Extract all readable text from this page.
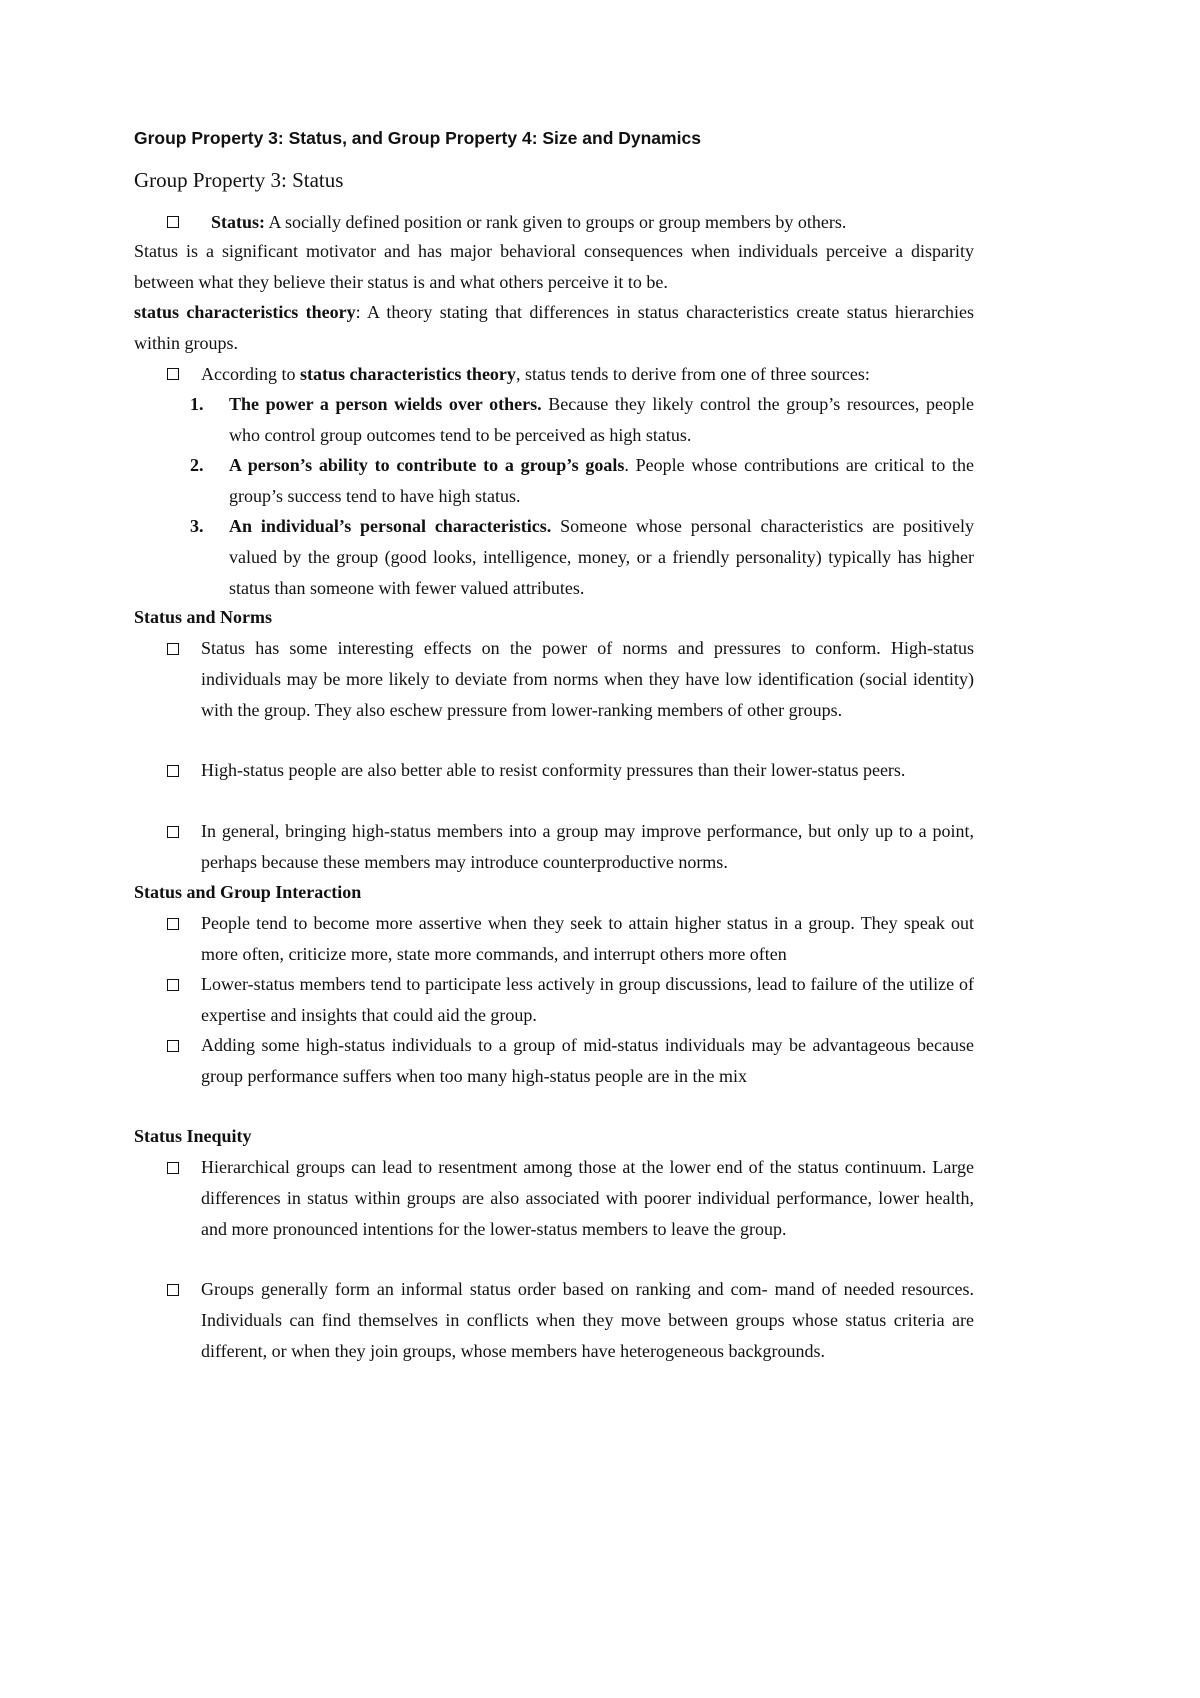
Group Property 3: Status, and Group Property 4: Size and Dynamics
Group Property 3: Status
Status: A socially defined position or rank given to groups or group members by others.
Status is a significant motivator and has major behavioral consequences when individuals perceive a disparity between what they believe their status is and what others perceive it to be.
status characteristics theory: A theory stating that differences in status characteristics create status hierarchies within groups.
According to status characteristics theory, status tends to derive from one of three sources:
1. The power a person wields over others. Because they likely control the group’s resources, people who control group outcomes tend to be perceived as high status.
2. A person’s ability to contribute to a group’s goals. People whose contributions are critical to the group’s success tend to have high status.
3. An individual’s personal characteristics. Someone whose personal characteristics are positively valued by the group (good looks, intelligence, money, or a friendly personality) typically has higher status than someone with fewer valued attributes.
Status and Norms
Status has some interesting effects on the power of norms and pressures to conform. High-status individuals may be more likely to deviate from norms when they have low identification (social identity) with the group. They also eschew pressure from lower-ranking members of other groups.
High-status people are also better able to resist conformity pressures than their lower-status peers.
In general, bringing high-status members into a group may improve performance, but only up to a point, perhaps because these members may introduce counterproductive norms.
Status and Group Interaction
People tend to become more assertive when they seek to attain higher status in a group. They speak out more often, criticize more, state more commands, and interrupt others more often
Lower-status members tend to participate less actively in group discussions, lead to failure of the utilize of expertise and insights that could aid the group.
Adding some high-status individuals to a group of mid-status individuals may be advantageous because group performance suffers when too many high-status people are in the mix
Status Inequity
Hierarchical groups can lead to resentment among those at the lower end of the status continuum. Large differences in status within groups are also associated with poorer individual performance, lower health, and more pronounced intentions for the lower-status members to leave the group.
Groups generally form an informal status order based on ranking and com- mand of needed resources. Individuals can find themselves in conflicts when they move between groups whose status criteria are different, or when they join groups, whose members have heterogeneous backgrounds.
